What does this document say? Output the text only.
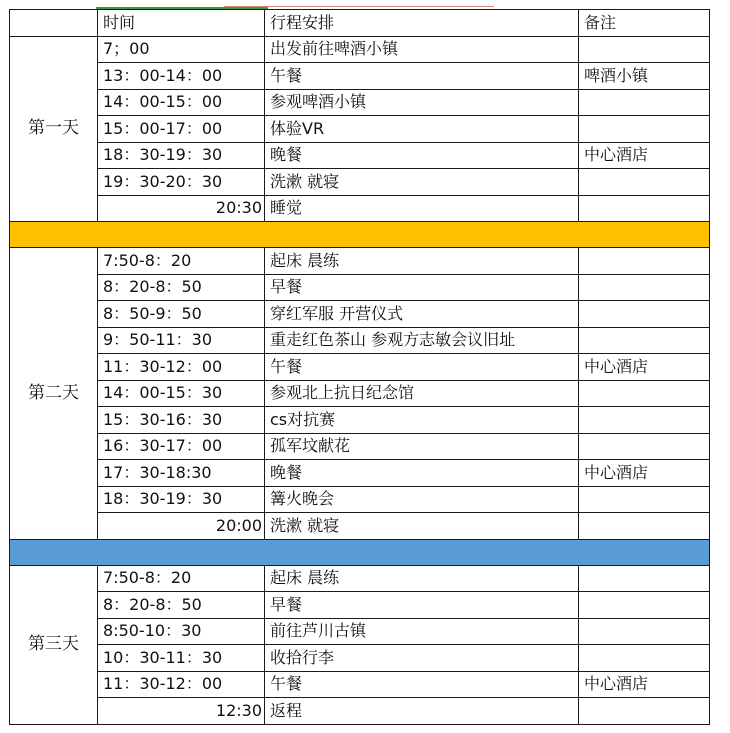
	时间	行程安排	备注
第一天	7；00	出发前往啤酒小镇	
	13：00-14：00	午餐	啤酒小镇
	14：00-15：00	参观啤酒小镇	
	15：00-17：00	体验VR	
	18：30-19：30	晚餐	中心酒店
	19：30-20：30	洗漱 就寝	
	20:30	睡觉	

第二天	7:50-8：20	起床 晨练	
	8：20-8：50	早餐	
	8：50-9：50	穿红军服 开营仪式	
	9：50-11：30	重走红色茶山 参观方志敏会议旧址	
	11：30-12：00	午餐	中心酒店
	14：00-15：30	参观北上抗日纪念馆	
	15：30-16：30	cs对抗赛	
	16：30-17：00	孤军坟献花	
	17：30-18:30	晚餐	中心酒店
	18：30-19：30	篝火晚会	
	20:00	洗漱 就寝	

第三天	7:50-8：20	起床 晨练	
	8：20-8：50	早餐	
	8:50-10：30	前往芦川古镇	
	10：30-11：30	收拾行李	
	11：30-12：00	午餐	中心酒店
	12:30	返程	
